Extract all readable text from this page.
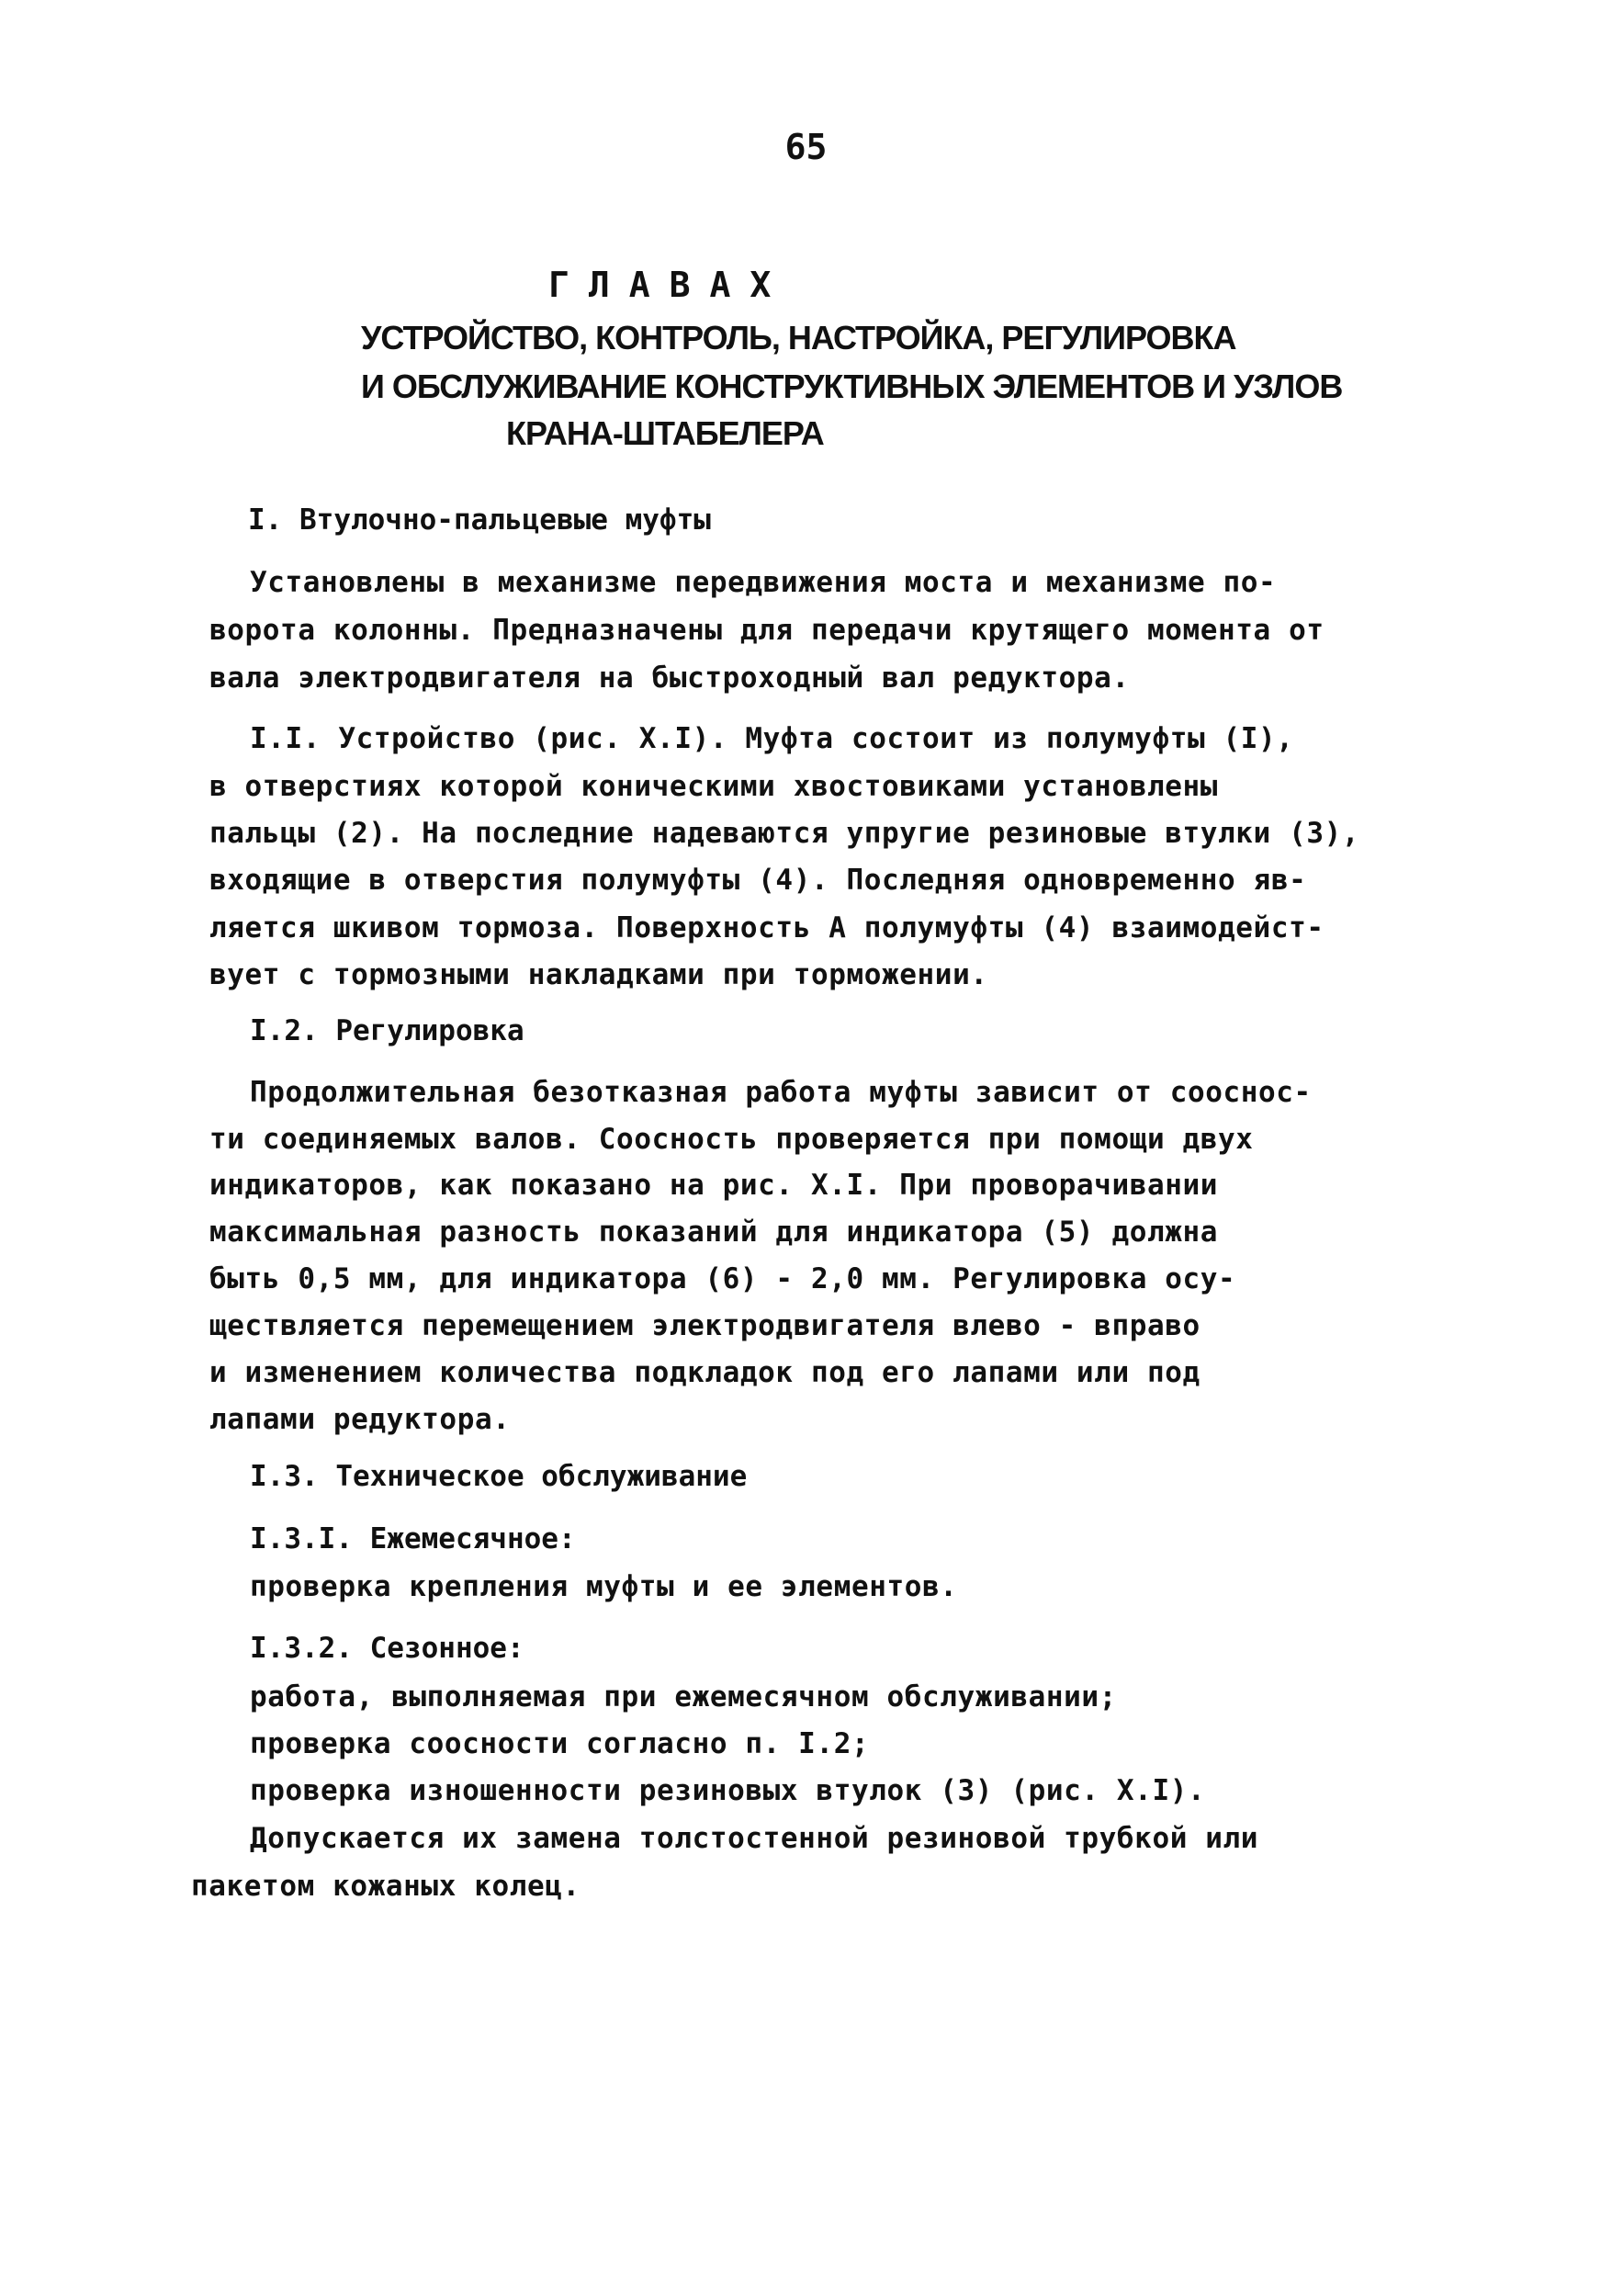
65
ГЛАВАХ
УСТРОЙСТВО, КОНТРОЛЬ, НАСТРОЙКА, РЕГУЛИРОВКА
И ОБСЛУЖИВАНИЕ КОНСТРУКТИВНЫХ ЭЛЕМЕНТОВ И УЗЛОВ
КРАНА-ШТАБЕЛЕРА
I. Втулочно-пальцевые муфты
Установлены в механизме передвижения моста и механизме по-
ворота колонны. Предназначены для передачи крутящего момента от
вала электродвигателя на быстроходный вал редуктора.
I.I. Устройство (рис. X.I). Муфта состоит из полумуфты (I),
в отверстиях которой коническими хвостовиками установлены
пальцы (2). На последние надеваются упругие резиновые втулки (3),
входящие в отверстия полумуфты (4). Последняя одновременно яв-
ляется шкивом тормоза. Поверхность А полумуфты (4) взаимодейст-
вует с тормозными накладками при торможении.
I.2. Регулировка
Продолжительная безотказная работа муфты зависит от сооснос-
ти соединяемых валов. Соосность проверяется при помощи двух
индикаторов, как показано на рис. X.I. При проворачивании
максимальная разность показаний для индикатора (5) должна
быть 0,5 мм, для индикатора (6) - 2,0 мм. Регулировка осу-
ществляется перемещением электродвигателя влево - вправо
и изменением количества подкладок под его лапами или под
лапами редуктора.
I.3. Техническое обслуживание
I.3.I. Ежемесячное:
проверка крепления муфты и ее элементов.
I.3.2. Сезонное:
работа, выполняемая при ежемесячном обслуживании;
проверка соосности согласно п. I.2;
проверка изношенности резиновых втулок (3) (рис. X.I).
Допускается их замена толстостенной резиновой трубкой или
пакетом кожаных колец.
